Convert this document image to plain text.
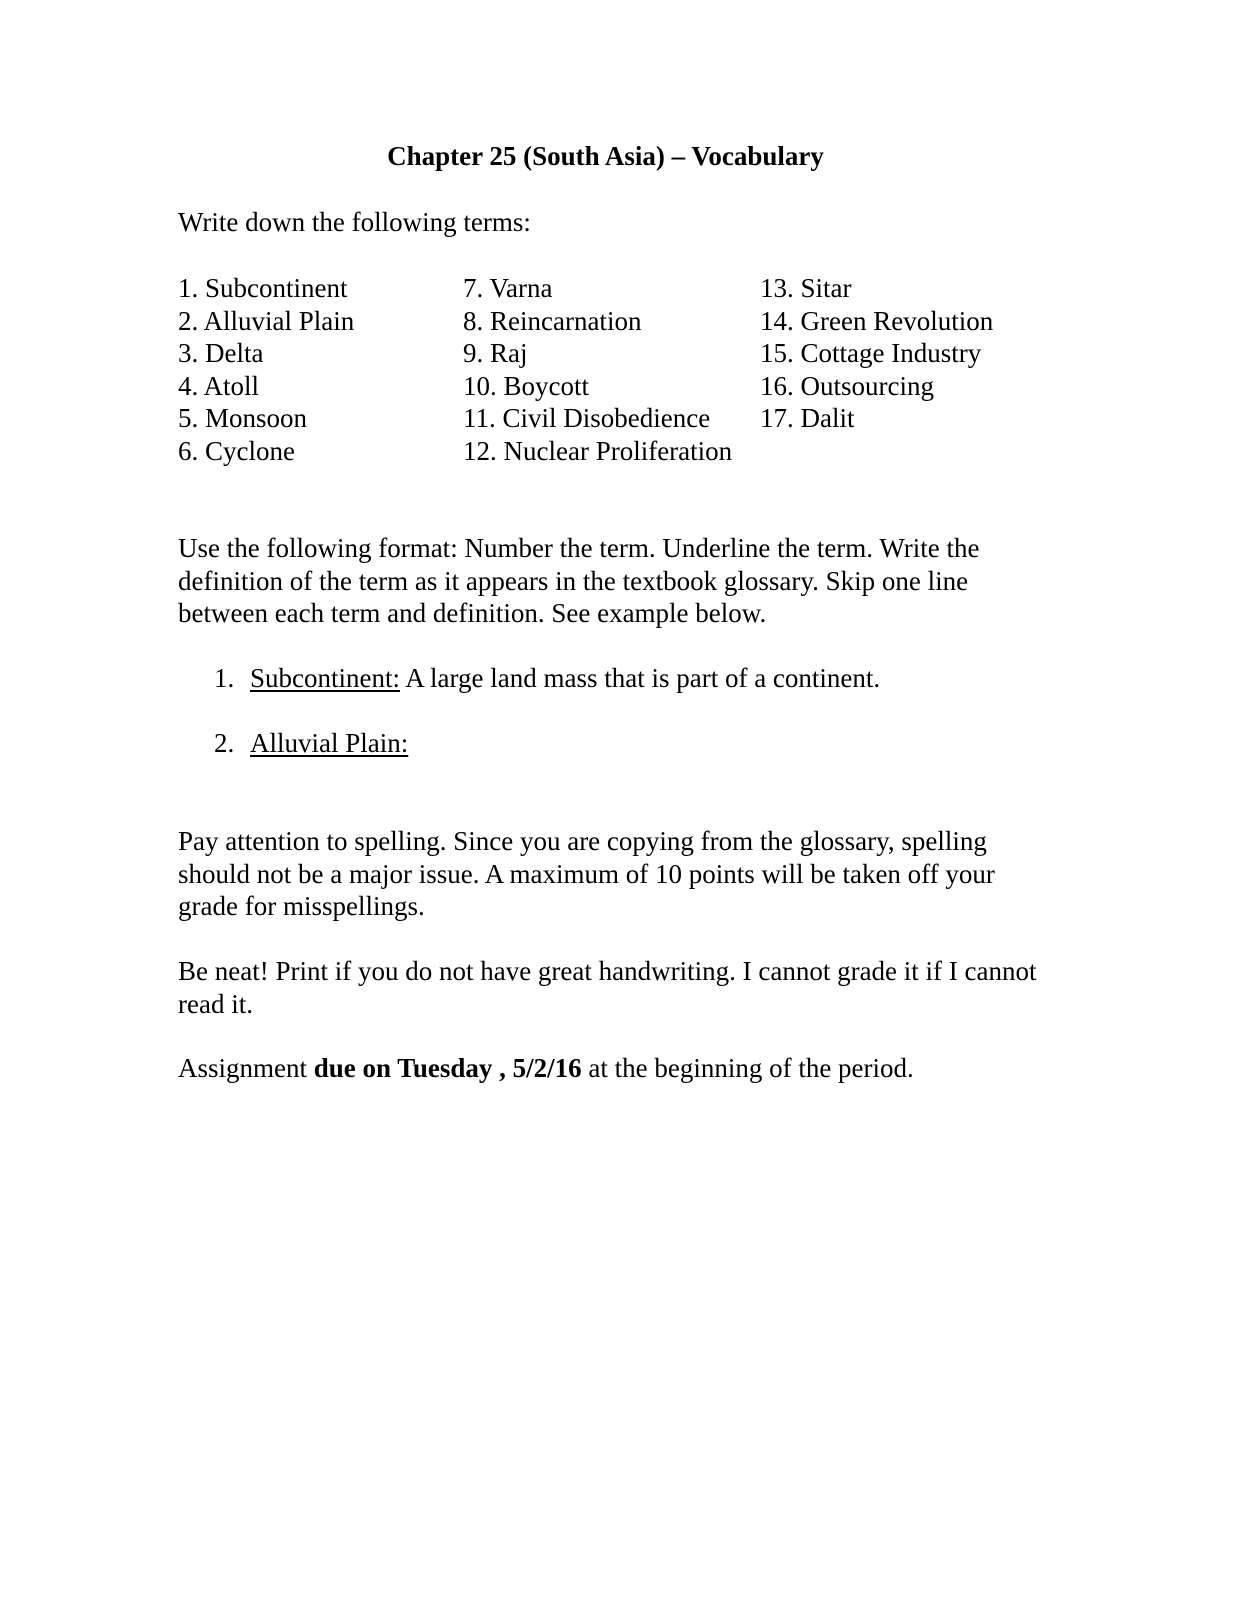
Chapter 25 (South Asia) – Vocabulary
Write down the following terms:
1. Subcontinent
2. Alluvial Plain
3. Delta
4. Atoll
5. Monsoon
6. Cyclone
7. Varna
8. Reincarnation
9. Raj
10. Boycott
11. Civil Disobedience
12. Nuclear Proliferation
13. Sitar
14. Green Revolution
15. Cottage Industry
16. Outsourcing
17. Dalit
Use the following format: Number the term. Underline the term. Write the definition of the term as it appears in the textbook glossary. Skip one line between each term and definition. See example below.
1. Subcontinent: A large land mass that is part of a continent.
2. Alluvial Plain:
Pay attention to spelling. Since you are copying from the glossary, spelling should not be a major issue. A maximum of 10 points will be taken off your grade for misspellings.
Be neat! Print if you do not have great handwriting. I cannot grade it if I cannot read it.
Assignment due on Tuesday , 5/2/16 at the beginning of the period.
